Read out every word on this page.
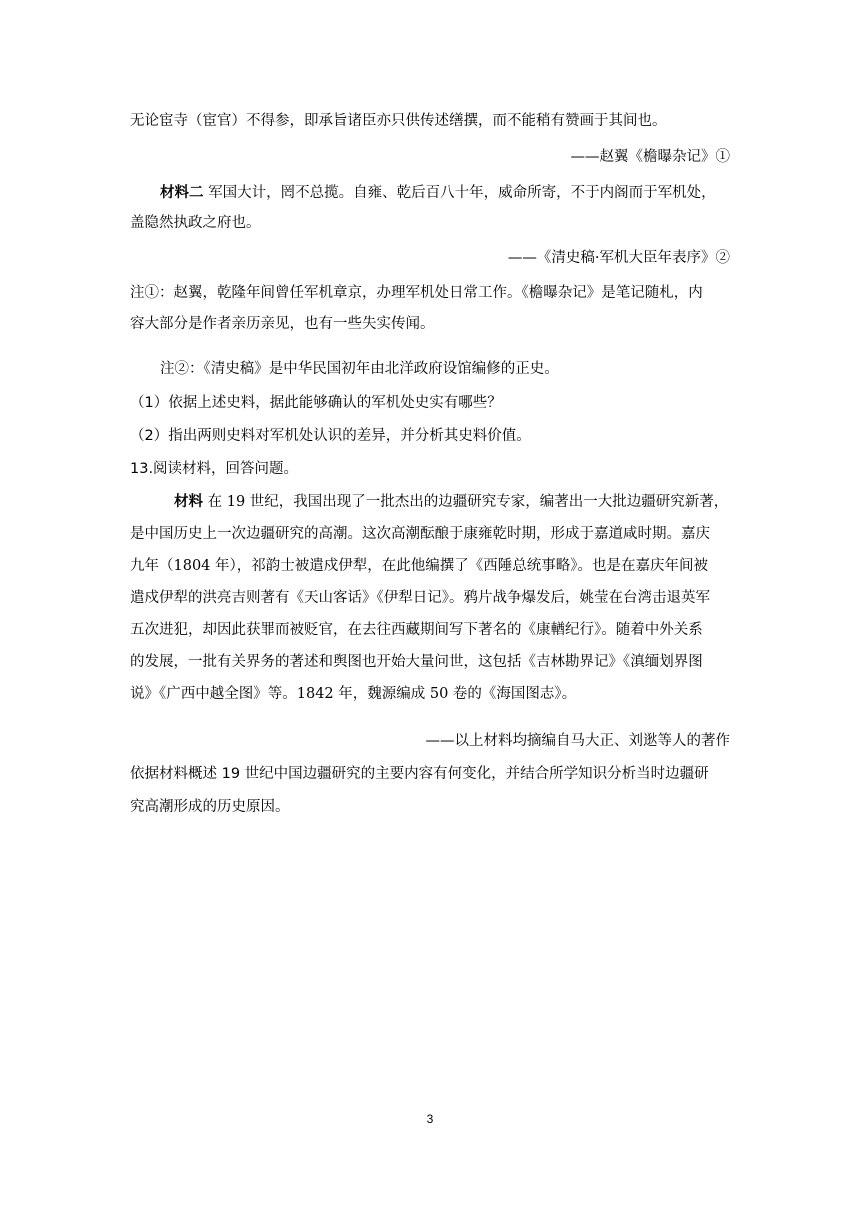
无论宦寺（宦官）不得参，即承旨诸臣亦只供传述缮撰，而不能稍有赞画于其间也。
——赵翼《檐曝杂记》①
材料二 军国大计，罔不总揽。自雍、乾后百八十年，威命所寄，不于内阁而于军机处，
盖隐然执政之府也。
——《清史稿·军机大臣年表序》②
注①：赵翼，乾隆年间曾任军机章京，办理军机处日常工作。《檐曝杂记》是笔记随札，内
容大部分是作者亲历亲见，也有一些失实传闻。
注②：《清史稿》是中华民国初年由北洋政府设馆编修的正史。
（1）依据上述史料，据此能够确认的军机处史实有哪些？
（2）指出两则史料对军机处认识的差异，并分析其史料价值。
13.阅读材料，回答问题。
材料 在 19 世纪，我国出现了一批杰出的边疆研究专家，编著出一大批边疆研究新著，
是中国历史上一次边疆研究的高潮。这次高潮酝酿于康雍乾时期，形成于嘉道咸时期。嘉庆
九年（1804 年），祁韵士被遣戍伊犁，在此他编撰了《西陲总统事略》。也是在嘉庆年间被
遣戍伊犁的洪亮吉则著有《天山客话》《伊犁日记》。鸦片战争爆发后，姚莹在台湾击退英军
五次进犯，却因此获罪而被贬官，在去往西藏期间写下著名的《康輶纪行》。随着中外关系
的发展，一批有关界务的著述和舆图也开始大量问世，这包括《吉林勘界记》《滇缅划界图
说》《广西中越全图》等。1842 年，魏源编成 50 卷的《海国图志》。
——以上材料均摘编自马大正、刘逖等人的著作
依据材料概述 19 世纪中国边疆研究的主要内容有何变化，并结合所学知识分析当时边疆研
究高潮形成的历史原因。
3
